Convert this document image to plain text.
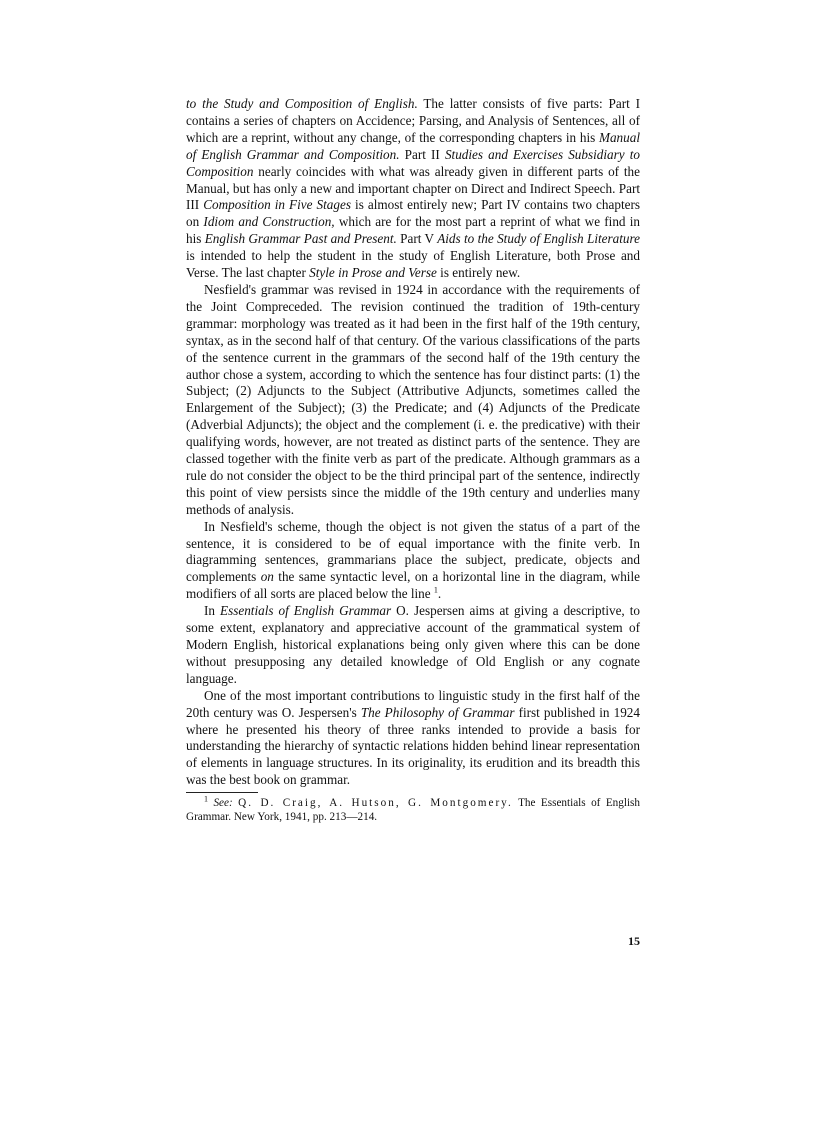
to the Study and Composition of English. The latter consists of five parts: Part I contains a series of chapters on Accidence; Parsing, and Analysis of Sentences, all of which are a reprint, without any change, of the corresponding chapters in his Manual of English Grammar and Composition. Part II Studies and Exercises Subsidiary to Composition nearly coincides with what was already given in different parts of the Manual, but has only a new and important chapter on Direct and Indirect Speech. Part III Composition in Five Stages is almost entirely new; Part IV contains two chapters on Idiom and Construction, which are for the most part a reprint of what we find in his English Grammar Past and Present. Part V Aids to the Study of English Literature is intended to help the student in the study of English Literature, both Prose and Verse. The last chapter Style in Prose and Verse is entirely new.

Nesfield's grammar was revised in 1924 in accordance with the requirements of the Joint Compreceded. The revision continued the tradition of 19th-century grammar: morphology was treated as it had been in the first half of the 19th century, syntax, as in the second half of that century. Of the various classifications of the parts of the sentence current in the grammars of the second half of the 19th century the author chose a system, according to which the sentence has four distinct parts: (1) the Subject; (2) Adjuncts to the Subject (Attributive Adjuncts, sometimes called the Enlargement of the Subject); (3) the Predicate; and (4) Adjuncts of the Predicate (Adverbial Adjuncts); the object and the complement (i. e. the predicative) with their qualifying words, however, are not treated as distinct parts of the sentence. They are classed together with the finite verb as part of the predicate. Although grammars as a rule do not consider the object to be the third principal part of the sentence, indirectly this point of view persists since the middle of the 19th century and underlies many methods of analysis.

In Nesfield's scheme, though the object is not given the status of a part of the sentence, it is considered to be of equal importance with the finite verb. In diagramming sentences, grammarians place the subject, predicate, objects and complements on the same syntactic level, on a horizontal line in the diagram, while modifiers of all sorts are placed below the line $^1$.

In Essentials of English Grammar O. Jespersen aims at giving a descriptive, to some extent, explanatory and appreciative account of the grammatical system of Modern English, historical explanations being only given where this can be done without presupposing any detailed knowledge of Old English or any cognate language.

One of the most important contributions to linguistic study in the first half of the 20th century was O. Jespersen's The Philosophy of Grammar first published in 1924 where he presented his theory of three ranks intended to provide a basis for understanding the hierarchy of syntactic relations hidden behind linear representation of elements in language structures. In its originality, its erudition and its breadth this was the best book on grammar.

$^1$ See: Q. D. Craig, A. Hutson, G. Montgomery. The Essentials of English Grammar. New York, 1941, pp. 213—214.

15
